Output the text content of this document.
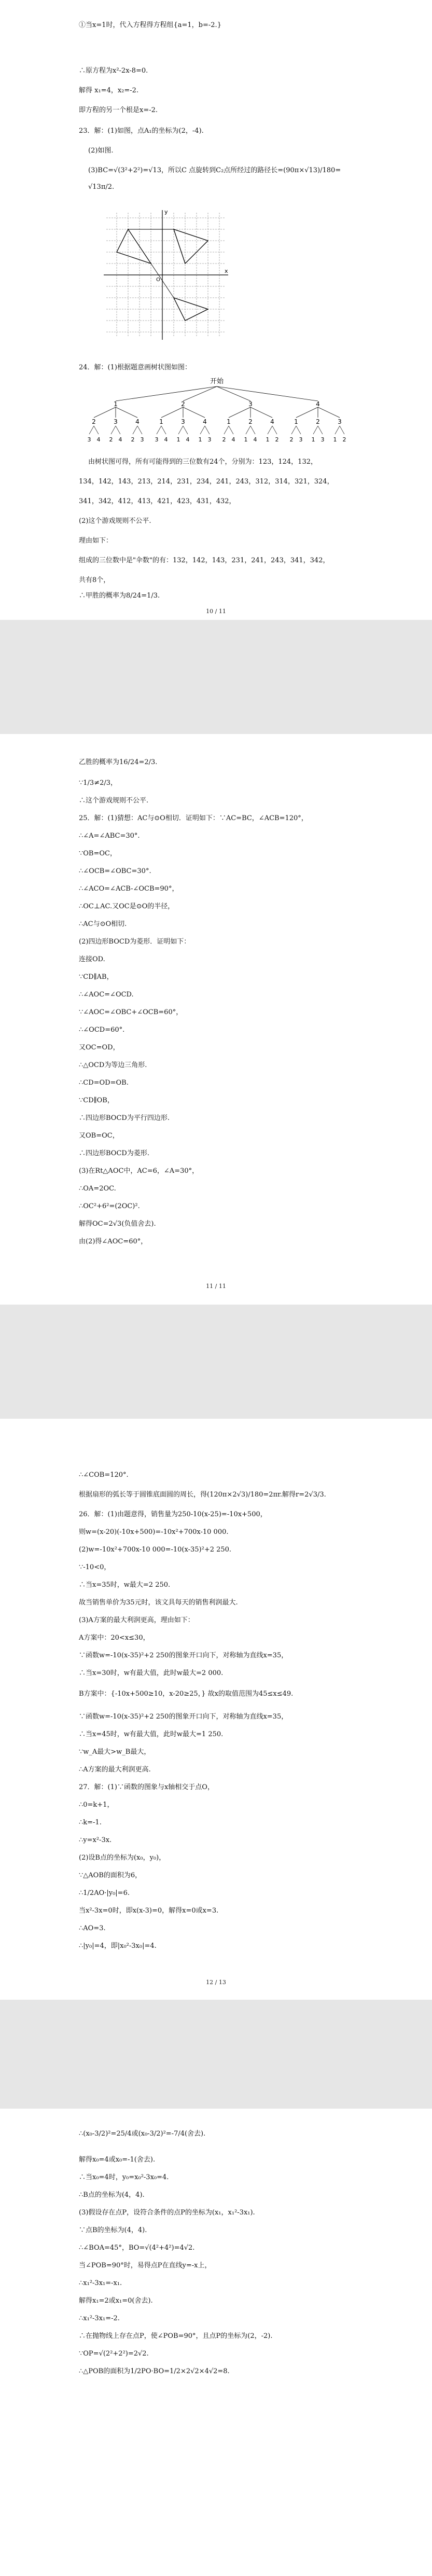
①当x=1时，代入方程得方程组{a=1，b=-2.}
∴原方程为x²-2x-8=0.
解得 x₁=4，x₂=-2.
即方程的另一个根是x=-2.
23．解：(1)如图，点A₁的坐标为(2，-4).
(2)如图.
(3)BC=√(3²+2²)=√13，所以C 点旋转到C₂点所经过的路径长=(90π×√13)/180=
√13π/2.
x
y
O
24．解：(1)根据题意画树状图如图：
开始
1	2	3	4
2	3	4	1	3	4	1	2	4	1	2	3
3 4 2 4 2 3 3 4 1 4 1 3 2 4 1 4 1 2 2 3 1 3 1 2
由树状图可得，所有可能得到的三位数有24个，分别为：123，124，132，
134，142，143，213，214，231，234，241，243，312，314，321，324，
341，342，412，413，421，423，431，432，
(2)这个游戏规则不公平.
理由如下：
组成的三位数中是"伞数"的有：132，142，143，231，241，243，341，342，
共有8个，
∴甲胜的概率为8/24=1/3.
10 / 11
乙胜的概率为16/24=2/3.
∵1/3≠2/3，
∴这个游戏规则不公平.
25．解：(1)猜想：AC与⊙O相切．证明如下：∵AC=BC，∠ACB=120°，
∴∠A=∠ABC=30°.
∵OB=OC，
∴∠OCB=∠OBC=30°.
∴∠ACO=∠ACB-∠OCB=90°，
∴OC⊥AC.又OC是⊙O的半径，
∴AC与⊙O相切.
(2)四边形BOCD为菱形．证明如下：
连接OD.
∵CD∥AB，
∴∠AOC=∠OCD.
∵∠AOC=∠OBC+∠OCB=60°，
∴∠OCD=60°.
又OC=OD，
∴△OCD为等边三角形.
∴CD=OD=OB.
∵CD∥OB，
∴四边形BOCD为平行四边形.
又OB=OC，
∴四边形BOCD为菱形.
(3)在Rt△AOC中，AC=6，∠A=30°，
∴OA=2OC.
∴OC²+6²=(2OC)².
解得OC=2√3(负值舍去).
由(2)得∠AOC=60°，
11 / 11
∴∠COB=120°.
根据扇形的弧长等于圆锥底面圆的周长，得(120π×2√3)/180=2πr.解得r=2√3/3.
26．解：(1)由题意得，销售量为250-10(x-25)=-10x+500，
则w=(x-20)(-10x+500)=-10x²+700x-10 000.
(2)w=-10x²+700x-10 000=-10(x-35)²+2 250.
∵-10<0，
∴当x=35时，w最大=2 250.
故当销售单价为35元时，该文具每天的销售利润最大.
(3)A方案的最大利润更高，理由如下：
A方案中：20<x≤30，
∵函数w=-10(x-35)²+2 250的图象开口向下，对称轴为直线x=35，
∴当x=30时，w有最大值，此时w最大=2 000.
B方案中：{-10x+500≥10，x-20≥25，} 故x的取值范围为45≤x≤49.
∵函数w=-10(x-35)²+2 250的图象开口向下，对称轴为直线x=35，
∴当x=45时，w有最大值，此时w最大=1 250.
∵w_A最大>w_B最大，
∴A方案的最大利润更高.
27．解：(1)∵函数的图象与x轴相交于点O，
∴0=k+1，
∴k=-1.
∴y=x²-3x.
(2)设B点的坐标为(x₀，y₀)，
∵△AOB的面积为6，
∴1/2AO·|y₀|=6.
当x²-3x=0时，即x(x-3)=0，解得x=0或x=3.
∴AO=3.
∴|y₀|=4，即|x₀²-3x₀|=4.
12 / 13
∴(x₀-3/2)²=25/4或(x₀-3/2)²=-7/4(舍去).
解得x₀=4或x₀=-1(舍去).
∴当x₀=4时，y₀=x₀²-3x₀=4.
∴B点的坐标为(4，4).
(3)假设存在点P，设符合条件的点P的坐标为(x₁，x₁²-3x₁).
∵点B的坐标为(4，4).
∴∠BOA=45°，BO=√(4²+4²)=4√2.
当∠POB=90°时，易得点P在直线y=-x上，
∴x₁²-3x₁=-x₁.
解得x₁=2或x₁=0(舍去).
∴x₁²-3x₁=-2.
∴在抛物线上存在点P，使∠POB=90°，且点P的坐标为(2，-2).
∵OP=√(2²+2²)=2√2.
∴△POB的面积为1/2PO·BO=1/2×2√2×4√2=8.
